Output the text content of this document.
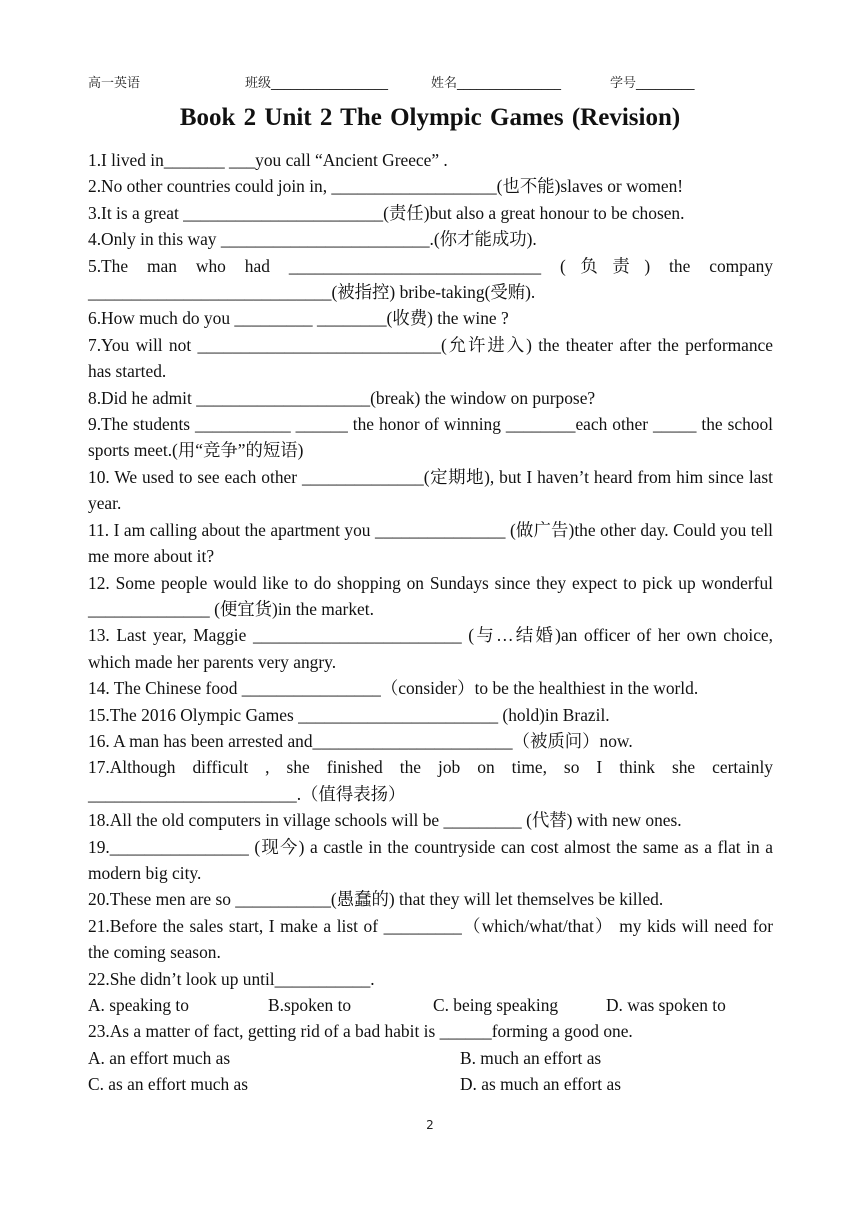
高一英语	班级__________________	姓名________________	学号_________
Book 2 Unit 2 The Olympic Games (Revision)

1.I lived in_______ ___you call “Ancient Greece” .

2.No other countries could join in, ___________________(也不能)slaves or women!

3.It is a great _______________________(责任)but also a great honour to be chosen.

4.Only in this way ________________________.(你才能成功).

5.The man who had _____________________________ (负责) the company ____________________________(被指控) bribe-taking(受贿).

6.How much do you _________ ________(收费) the wine ?

7.You will not ____________________________(允许进入) the theater after the performance has started.

8.Did he admit ____________________(break) the window on purpose?

9.The students ___________ ______ the honor of winning ________each other _____ the school sports meet.(用“竞争”的短语)

10. We used to see each other ______________(定期地), but I haven’t heard from him since last year.

11. I am calling about the apartment you _______________ (做广告)the other day. Could you tell me more about it?

12. Some people would like to do shopping on Sundays since they expect to pick up wonderful ______________ (便宜货)in the market.

13. Last year, Maggie ________________________ (与…结婚)an officer of her own choice, which made her parents very angry.

14. The Chinese food ________________（consider）to be the healthiest in the world.

15.The 2016 Olympic Games _______________________ (hold)in Brazil.

16. A man has been arrested and_______________________（被质问）now.

17.Although difficult , she finished the job on time, so I think she certainly ________________________.（值得表扬）

18.All the old computers in village schools will be _________ (代替) with new ones.

19.________________ (现今) a castle in the countryside can cost almost the same as a flat in a modern big city.

20.These men are so ___________(愚蠢的) that they will let themselves be killed.

21.Before the sales start, I make a list of _________（which/what/that） my kids will need for the coming season.

22.She didn’t look up until___________.

A. speaking to	B.spoken to	C. being speaking	D. was spoken to

23.As a matter of fact, getting rid of a bad habit is ______forming a good one.

A. an effort much as	B. much an effort as
C. as an effort much as	D. as much an effort as
2
